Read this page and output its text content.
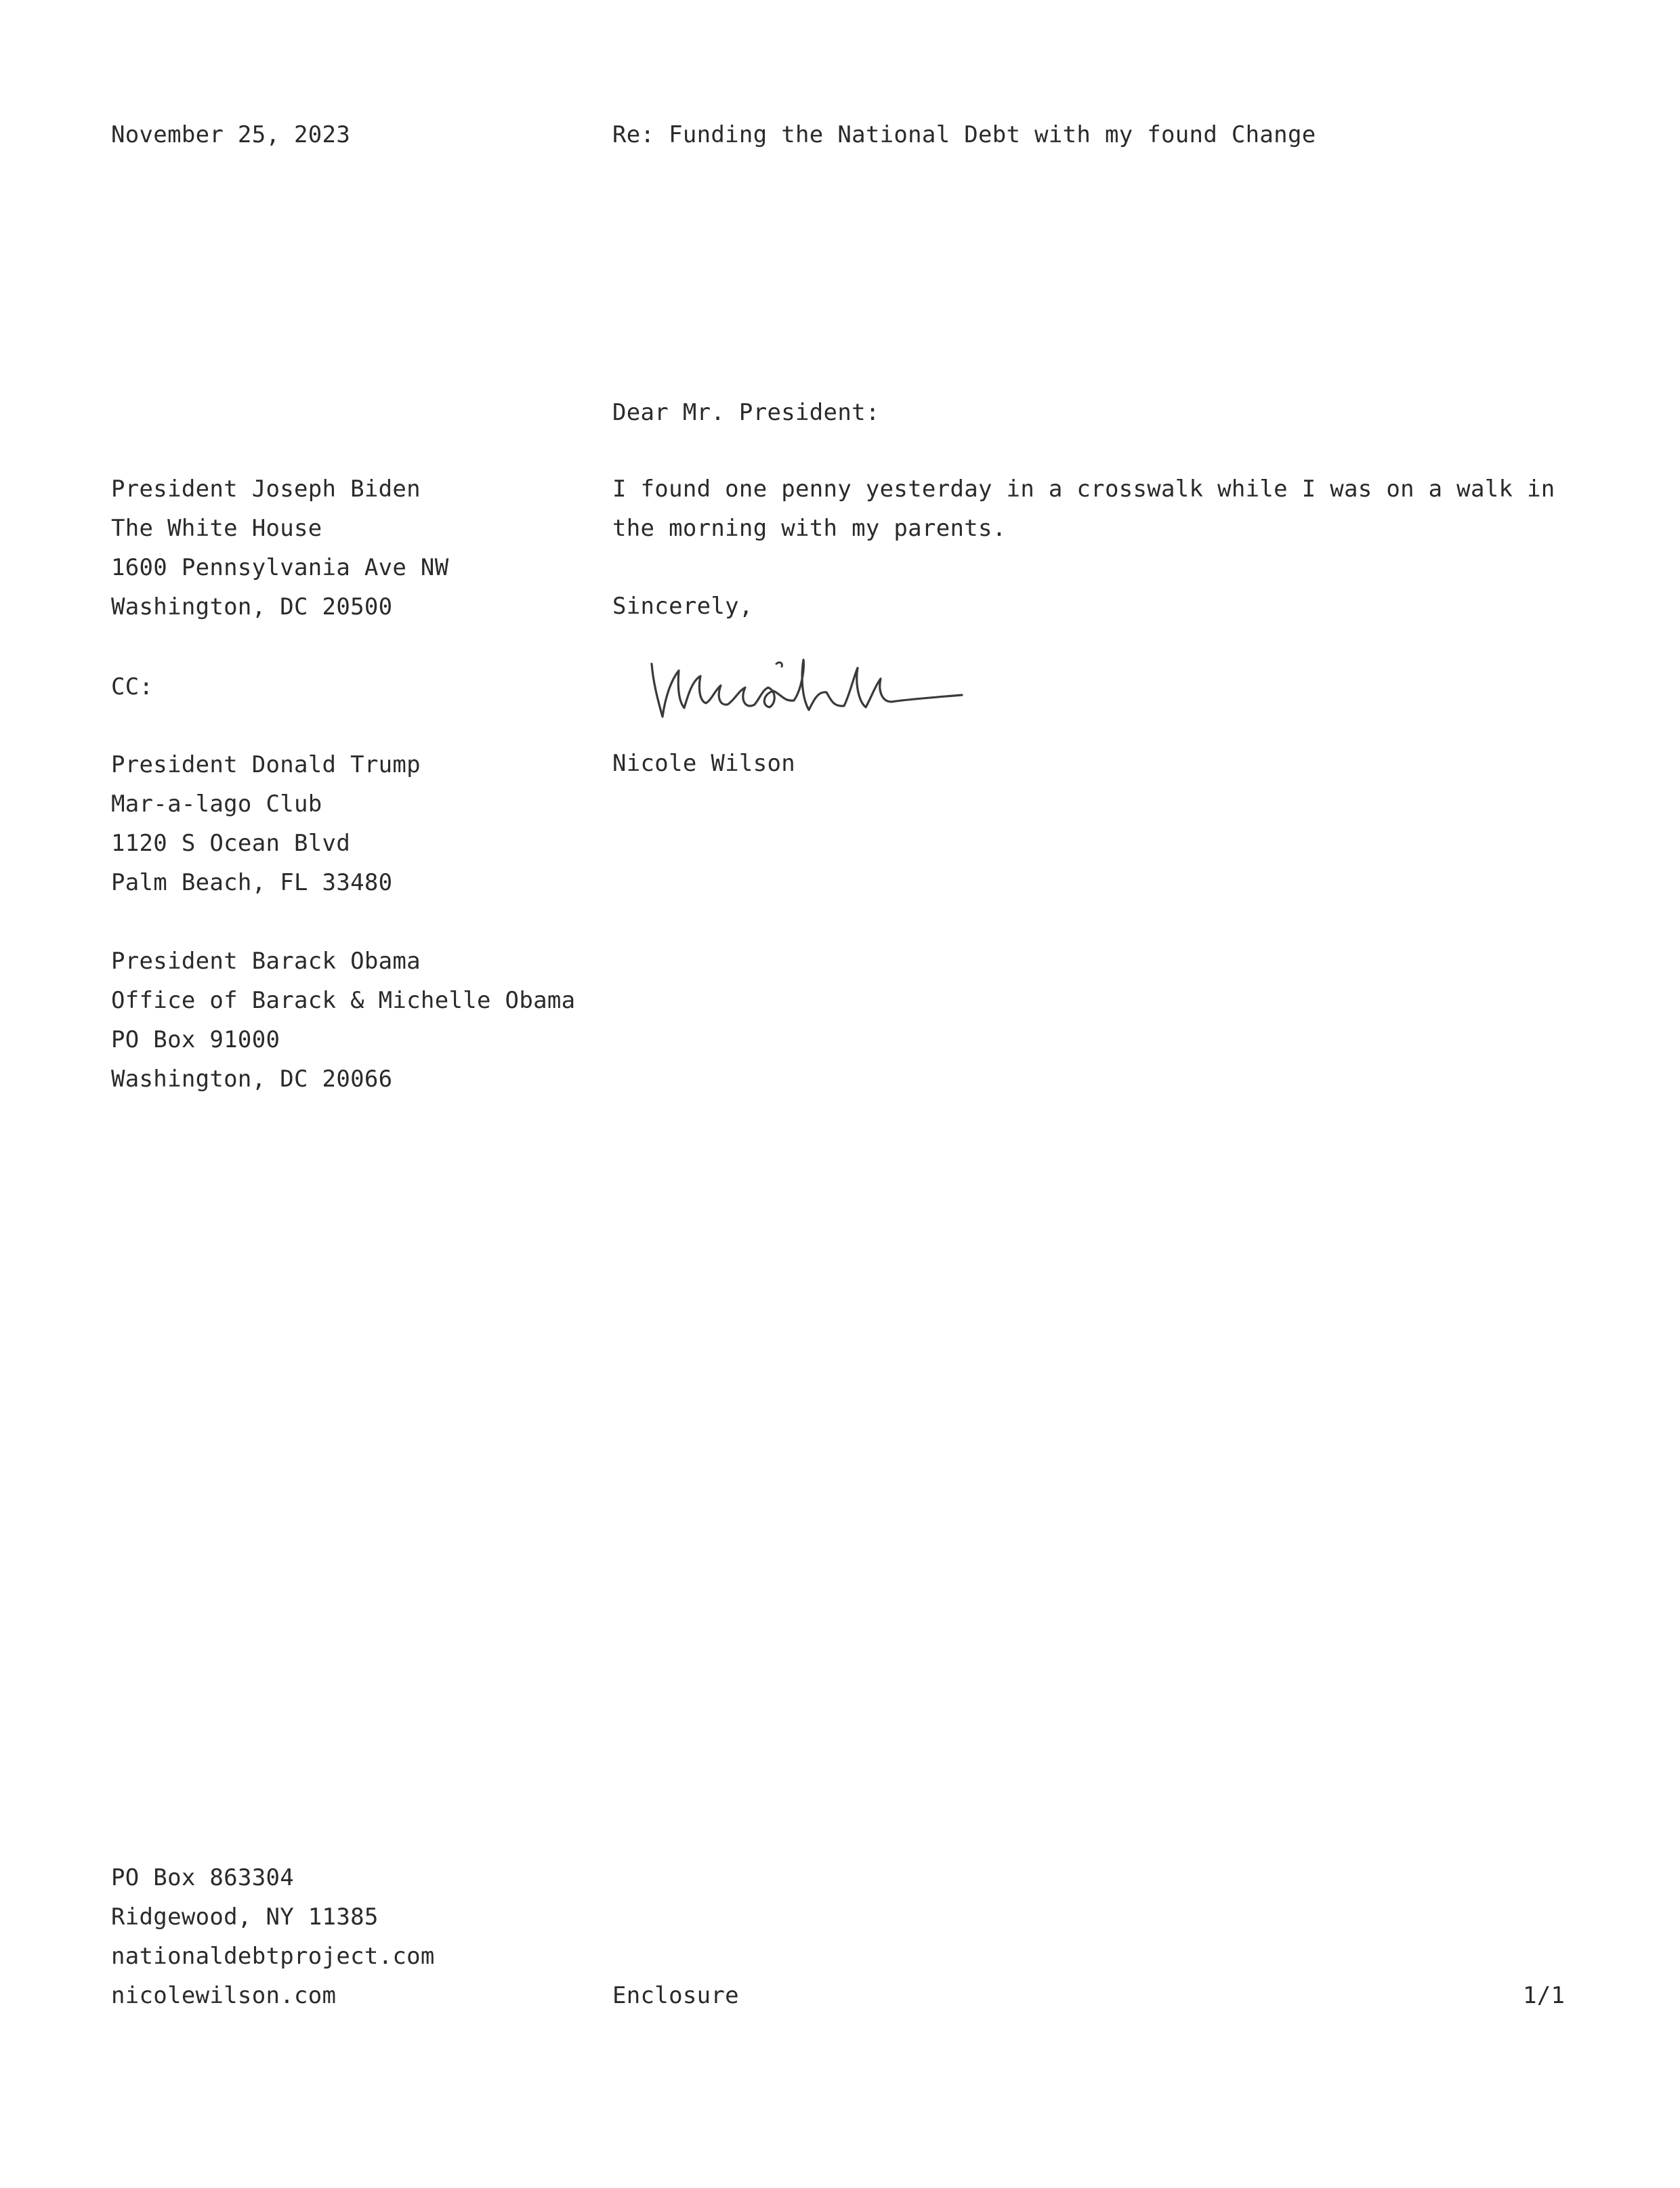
November 25, 2023	Re: Funding the National Debt with my found Change
Dear Mr. President:
President Joseph Biden
The White House
1600 Pennsylvania Ave NW
Washington, DC 20500
I found one penny yesterday in a crosswalk while I was on a walk in the morning with my parents.
Sincerely,
CC:
Nicole Wilson
President Donald Trump
Mar-a-lago Club
1120 S Ocean Blvd
Palm Beach, FL 33480
President Barack Obama
Office of Barack & Michelle Obama
PO Box 91000
Washington, DC 20066
PO Box 863304
Ridgewood, NY 11385
nationaldebtproject.com
nicolewilson.com	Enclosure	1/1
